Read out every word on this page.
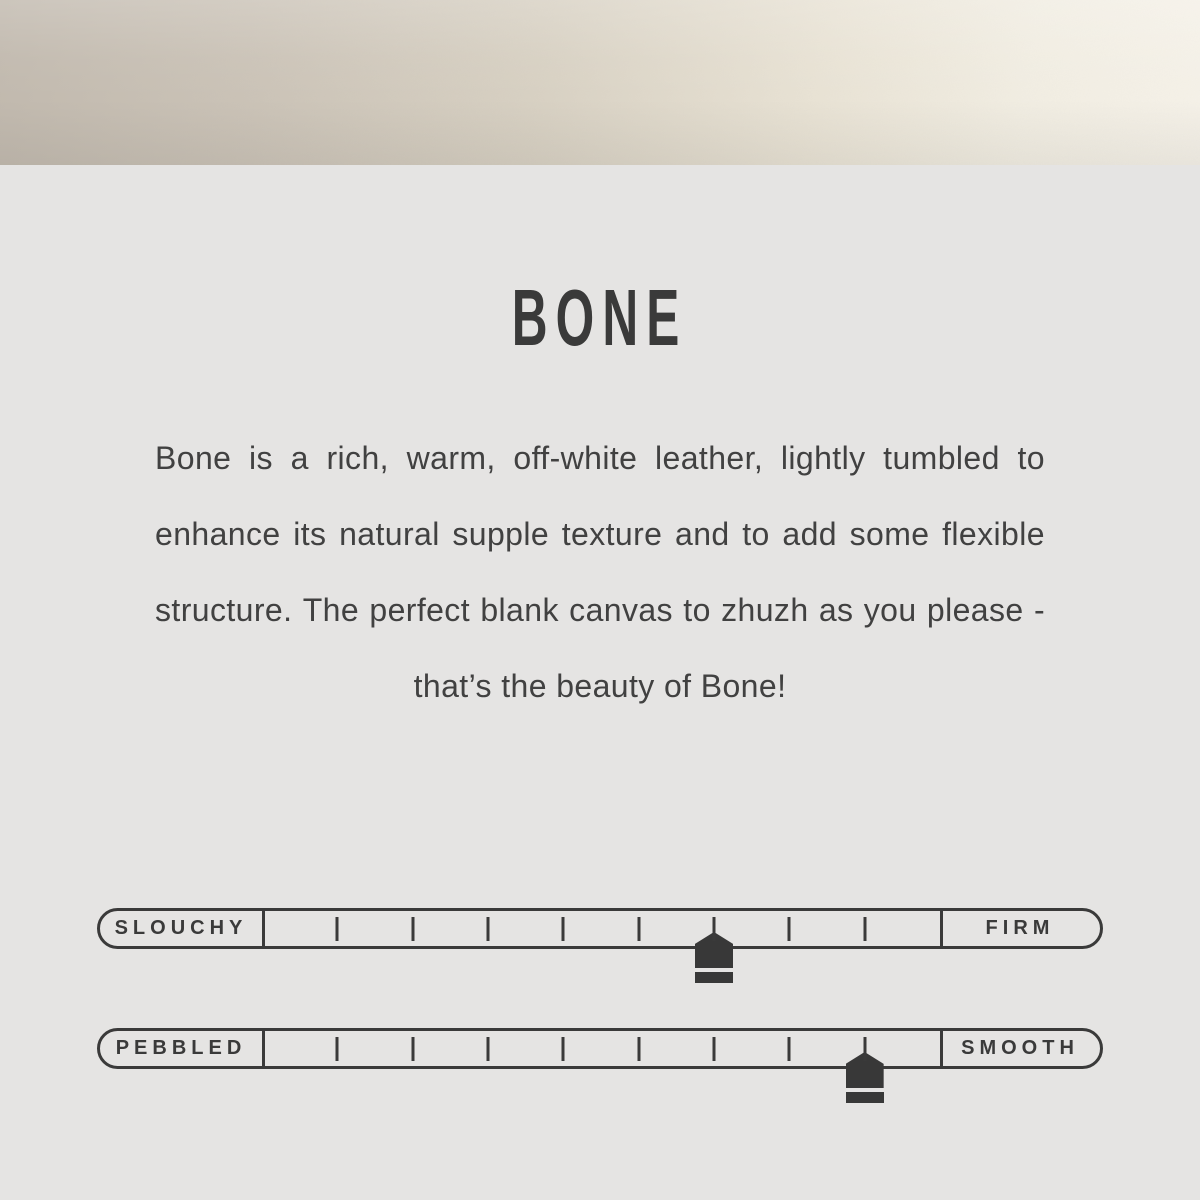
BONE
Bone is a rich, warm, off-white leather, lightly tumbled to
enhance its natural supple texture and to add some flexible
structure. The perfect blank canvas to zhuzh as you please -
that’s the beauty of Bone!
SLOUCHY	FIRM
PEBBLED	SMOOTH
